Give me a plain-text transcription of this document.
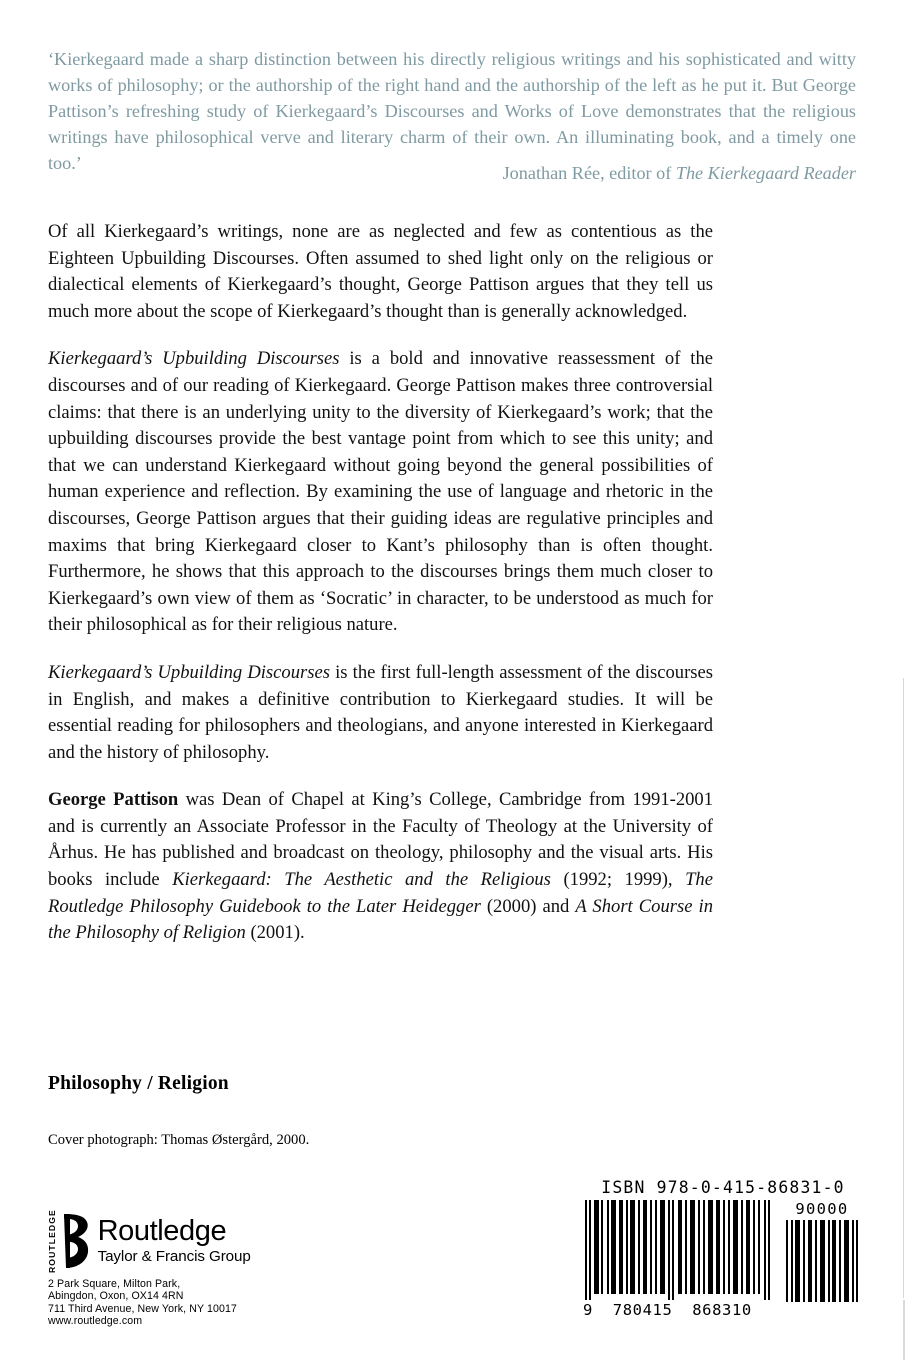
‘Kierkegaard made a sharp distinction between his directly religious writings and his sophisticated and witty works of philosophy; or the authorship of the right hand and the authorship of the left as he put it. But George Pattison’s refreshing study of Kierkegaard’s Discourses and Works of Love demonstrates that the religious writings have philosophical verve and literary charm of their own. An illuminating book, and a timely one too.’	Jonathan Rée, editor of The Kierkegaard Reader

Of all Kierkegaard’s writings, none are as neglected and few as contentious as the Eighteen Upbuilding Discourses. Often assumed to shed light only on the religious or dialectical elements of Kierkegaard’s thought, George Pattison argues that they tell us much more about the scope of Kierkegaard’s thought than is generally acknowledged.

Kierkegaard’s Upbuilding Discourses is a bold and innovative reassessment of the discourses and of our reading of Kierkegaard. George Pattison makes three controversial claims: that there is an underlying unity to the diversity of Kierkegaard’s work; that the upbuilding discourses provide the best vantage point from which to see this unity; and that we can understand Kierkegaard without going beyond the general possibilities of human experience and reflection. By examining the use of language and rhetoric in the discourses, George Pattison argues that their guiding ideas are regulative principles and maxims that bring Kierkegaard closer to Kant’s philosophy than is often thought. Furthermore, he shows that this approach to the discourses brings them much closer to Kierkegaard’s own view of them as ‘Socratic’ in character, to be understood as much for their philosophical as for their religious nature.

Kierkegaard’s Upbuilding Discourses is the first full-length assessment of the discourses in English, and makes a definitive contribution to Kierkegaard studies. It will be essential reading for philosophers and theologians, and anyone interested in Kierkegaard and the history of philosophy.

George Pattison was Dean of Chapel at King’s College, Cambridge from 1991-2001 and is currently an Associate Professor in the Faculty of Theology at the University of Århus. He has published and broadcast on theology, philosophy and the visual arts. His books include Kierkegaard: The Aesthetic and the Religious (1992; 1999), The Routledge Philosophy Guidebook to the Later Heidegger (2000) and A Short Course in the Philosophy of Religion (2001).

Philosophy / Religion
Cover photograph: Thomas Østergård, 2000.
ROUTLEDGE Routledge
Taylor & Francis Group
2 Park Square, Milton Park,
Abingdon, Oxon, OX14 4RN
711 Third Avenue, New York, NY 10017
www.routledge.com
ISBN 978-0-415-86831-0
9  780415  868310
90000
